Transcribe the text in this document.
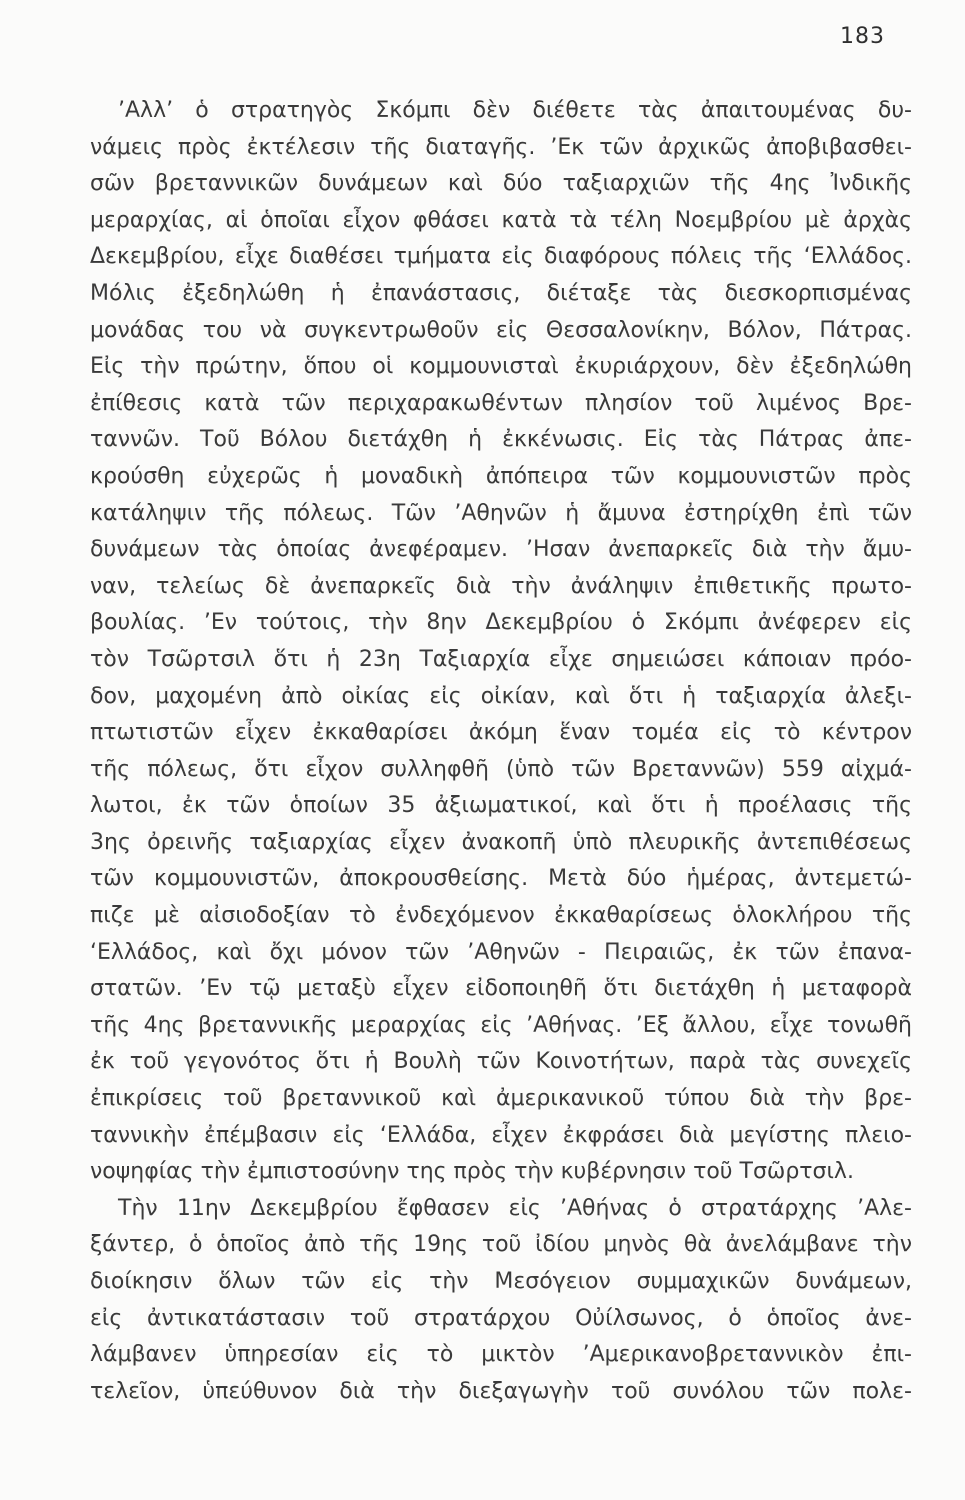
183
’Αλλ’ ὁ στρατηγὸς Σκόμπι δὲν διέθετε τὰς ἀπαιτουμένας δυ-
νάμεις πρὸς ἐκτέλεσιν τῆς διαταγῆς. ’Εκ τῶν ἀρχικῶς ἀποβιβασθει-
σῶν βρεταννικῶν δυνάμεων καὶ δύο ταξιαρχιῶν τῆς 4ης Ἰνδικῆς
μεραρχίας, αἱ ὁποῖαι εἶχον φθάσει κατὰ τὰ τέλη Νοεμβρίου μὲ ἀρχὰς
Δεκεμβρίου, εἶχε διαθέσει τμήματα εἰς διαφόρους πόλεις τῆς ‘Ελλάδος.
Μόλις ἐξεδηλώθη ἡ ἐπανάστασις, διέταξε τὰς διεσκορπισμένας
μονάδας του νὰ συγκεντρωθοῦν εἰς Θεσσαλονίκην, Βόλον, Πάτρας.
Εἰς τὴν πρώτην, ὅπου οἱ κομμουνισταὶ ἐκυριάρχουν, δὲν ἐξεδηλώθη
ἐπίθεσις κατὰ τῶν περιχαρακωθέντων πλησίον τοῦ λιμένος Βρε-
ταννῶν. Τοῦ Βόλου διετάχθη ἡ ἐκκένωσις. Εἰς τὰς Πάτρας ἀπε-
κρούσθη εὐχερῶς ἡ μοναδικὴ ἀπόπειρα τῶν κομμουνιστῶν πρὸς
κατάληψιν τῆς πόλεως. Τῶν ’Αθηνῶν ἡ ἄμυνα ἐστηρίχθη ἐπὶ τῶν
δυνάμεων τὰς ὁποίας ἀνεφέραμεν. ’Ησαν ἀνεπαρκεῖς διὰ τὴν ἄμυ-
ναν, τελείως δὲ ἀνεπαρκεῖς διὰ τὴν ἀνάληψιν ἐπιθετικῆς πρωτο-
βουλίας. ’Εν τούτοις, τὴν 8ην Δεκεμβρίου ὁ Σκόμπι ἀνέφερεν εἰς
τὸν Τσῶρτσιλ ὅτι ἡ 23η Ταξιαρχία εἶχε σημειώσει κάποιαν πρόο-
δον, μαχομένη ἀπὸ οἰκίας εἰς οἰκίαν, καὶ ὅτι ἡ ταξιαρχία ἀλεξι-
πτωτιστῶν εἶχεν ἐκκαθαρίσει ἀκόμη ἕναν τομέα εἰς τὸ κέντρον
τῆς πόλεως, ὅτι εἶχον συλληφθῆ (ὑπὸ τῶν Βρεταννῶν) 559 αἰχμά-
λωτοι, ἐκ τῶν ὁποίων 35 ἀξιωματικοί, καὶ ὅτι ἡ προέλασις τῆς
3ης ὀρεινῆς ταξιαρχίας εἶχεν ἀνακοπῆ ὑπὸ πλευρικῆς ἀντεπιθέσεως
τῶν κομμουνιστῶν, ἀποκρουσθείσης. Μετὰ δύο ἡμέρας, ἀντεμετώ-
πιζε μὲ αἰσιοδοξίαν τὸ ἐνδεχόμενον ἐκκαθαρίσεως ὁλοκλήρου τῆς
‘Ελλάδος, καὶ ὄχι μόνον τῶν ’Αθηνῶν - Πειραιῶς, ἐκ τῶν ἐπανα-
στατῶν. ’Εν τῷ μεταξὺ εἶχεν εἰδοποιηθῆ ὅτι διετάχθη ἡ μεταφορὰ
τῆς 4ης βρεταννικῆς μεραρχίας εἰς ’Αθήνας. ’Εξ ἄλλου, εἶχε τονωθῆ
ἐκ τοῦ γεγονότος ὅτι ἡ Βουλὴ τῶν Κοινοτήτων, παρὰ τὰς συνεχεῖς
ἐπικρίσεις τοῦ βρεταννικοῦ καὶ ἀμερικανικοῦ τύπου διὰ τὴν βρε-
ταννικὴν ἐπέμβασιν εἰς ‘Ελλάδα, εἶχεν ἐκφράσει διὰ μεγίστης πλειο-
νοψηφίας τὴν ἐμπιστοσύνην της πρὸς τὴν κυβέρνησιν τοῦ Τσῶρτσιλ.
Τὴν 11ην Δεκεμβρίου ἔφθασεν εἰς ’Αθήνας ὁ στρατάρχης ’Αλε-
ξάντερ, ὁ ὁποῖος ἀπὸ τῆς 19ης τοῦ ἰδίου μηνὸς θὰ ἀνελάμβανε τὴν
διοίκησιν ὅλων τῶν εἰς τὴν Μεσόγειον συμμαχικῶν δυνάμεων,
εἰς ἀντικατάστασιν τοῦ στρατάρχου Οὐίλσωνος, ὁ ὁποῖος ἀνε-
λάμβανεν ὑπηρεσίαν εἰς τὸ μικτὸν ’Αμερικανοβρεταννικὸν ἐπι-
τελεῖον, ὑπεύθυνον διὰ τὴν διεξαγωγὴν τοῦ συνόλου τῶν πολε-
